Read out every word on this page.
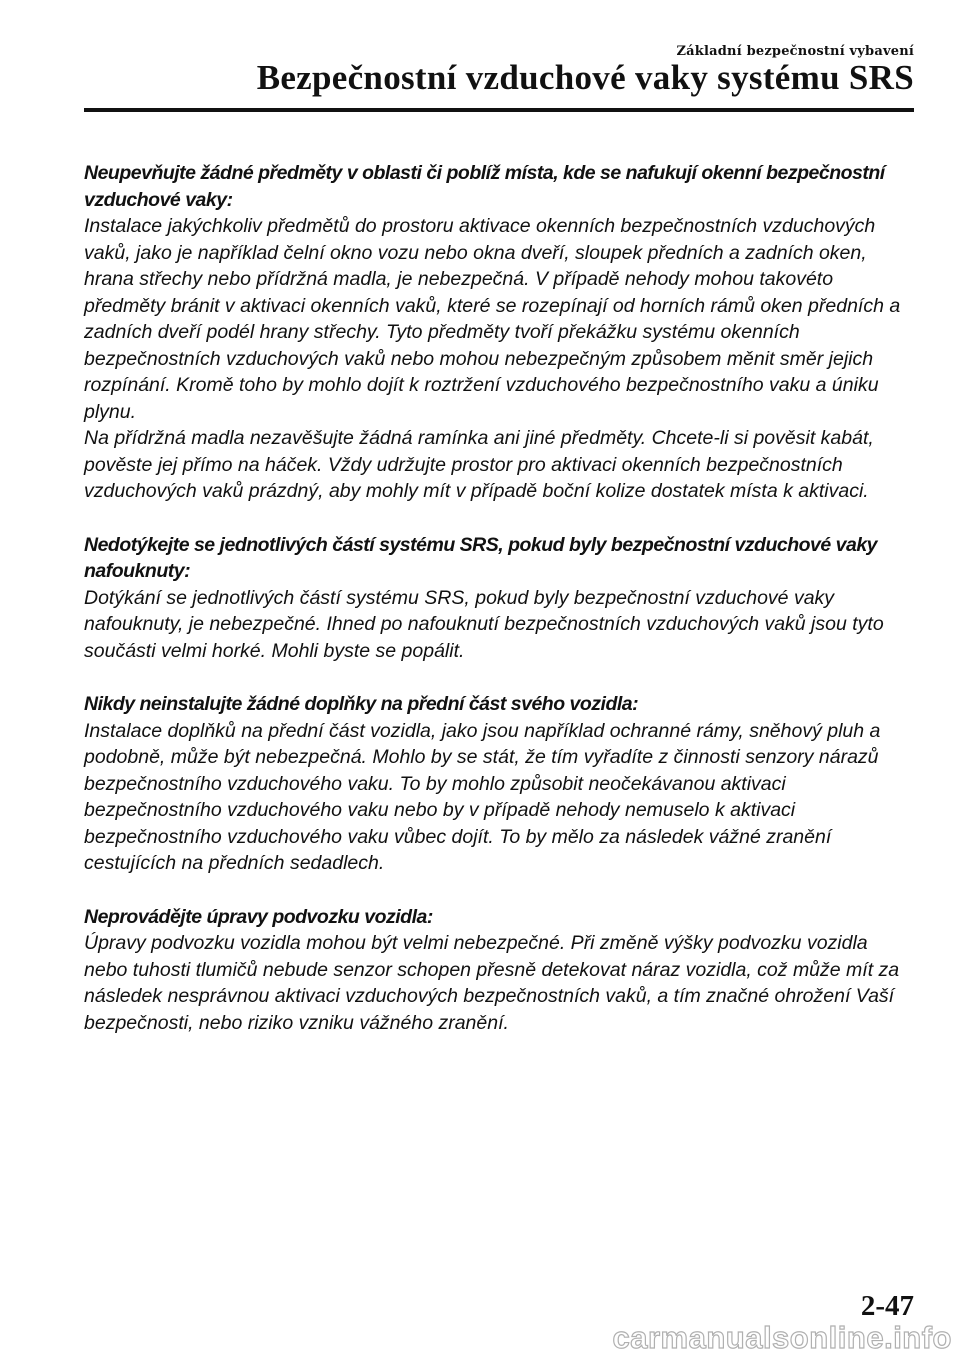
Základní bezpečnostní vybavení
Bezpečnostní vzduchové vaky systému SRS

Neupevňujte žádné předměty v oblasti či poblíž místa, kde se nafukují okenní bezpečnostní vzduchové vaky:

Instalace jakýchkoliv předmětů do prostoru aktivace okenních bezpečnostních vzduchových vaků, jako je například čelní okno vozu nebo okna dveří, sloupek předních a zadních oken, hrana střechy nebo přídržná madla, je nebezpečná. V případě nehody mohou takovéto předměty bránit v aktivaci okenních vaků, které se rozepínají od horních rámů oken předních a zadních dveří podél hrany střechy. Tyto předměty tvoří překážku systému okenních bezpečnostních vzduchových vaků nebo mohou nebezpečným způsobem měnit směr jejich rozpínání. Kromě toho by mohlo dojít k roztržení vzduchového bezpečnostního vaku a úniku plynu.

Na přídržná madla nezavěšujte žádná ramínka ani jiné předměty. Chcete-li si pověsit kabát, pověste jej přímo na háček. Vždy udržujte prostor pro aktivaci okenních bezpečnostních vzduchových vaků prázdný, aby mohly mít v případě boční kolize dostatek místa k aktivaci.

Nedotýkejte se jednotlivých částí systému SRS, pokud byly bezpečnostní vzduchové vaky nafouknuty:

Dotýkání se jednotlivých částí systému SRS, pokud byly bezpečnostní vzduchové vaky nafouknuty, je nebezpečné. Ihned po nafouknutí bezpečnostních vzduchových vaků jsou tyto součásti velmi horké. Mohli byste se popálit.

Nikdy neinstalujte žádné doplňky na přední část svého vozidla:

Instalace doplňků na přední část vozidla, jako jsou například ochranné rámy, sněhový pluh a podobně, může být nebezpečná. Mohlo by se stát, že tím vyřadíte z činnosti senzory nárazů bezpečnostního vzduchového vaku. To by mohlo způsobit neočekávanou aktivaci bezpečnostního vzduchového vaku nebo by v případě nehody nemuselo k aktivaci bezpečnostního vzduchového vaku vůbec dojít. To by mělo za následek vážné zranění cestujících na předních sedadlech.

Neprovádějte úpravy podvozku vozidla:

Úpravy podvozku vozidla mohou být velmi nebezpečné. Při změně výšky podvozku vozidla nebo tuhosti tlumičů nebude senzor schopen přesně detekovat náraz vozidla, což může mít za následek nesprávnou aktivaci vzduchových bezpečnostních vaků, a tím značné ohrožení Vaší bezpečnosti, nebo riziko vzniku vážného zranění.

2-47
carmanualsonline.info
